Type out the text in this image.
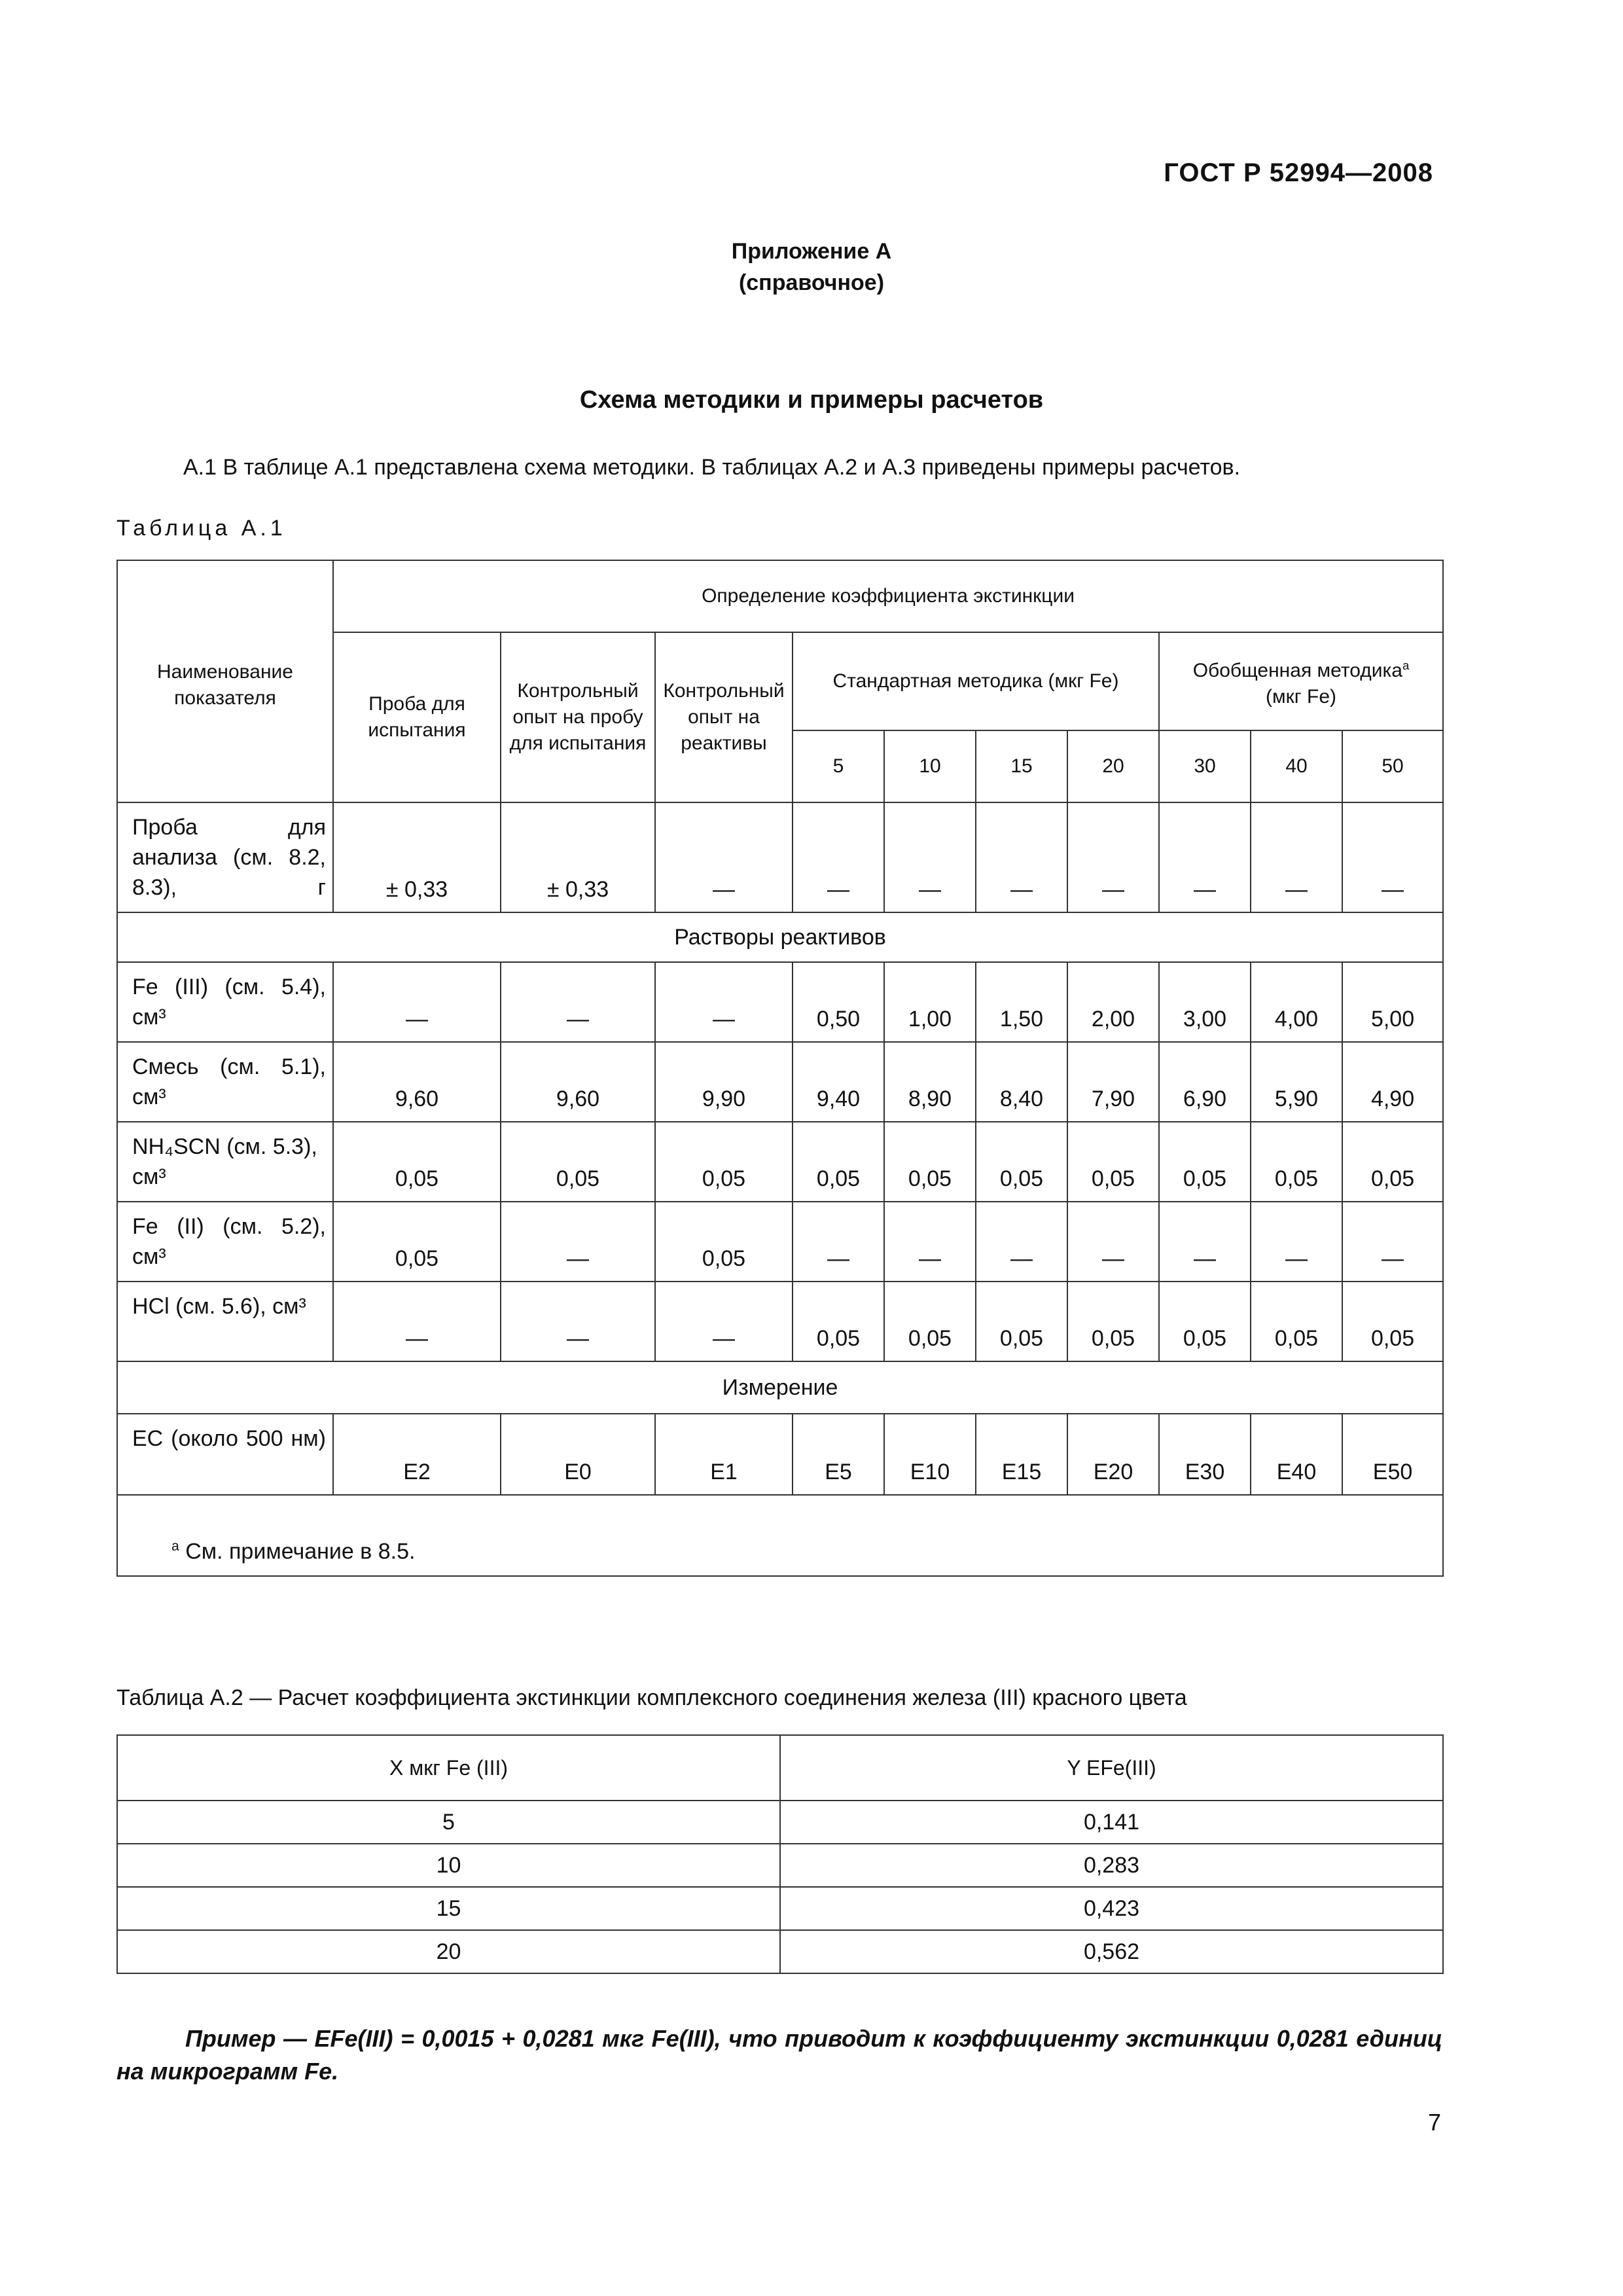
ГОСТ Р 52994—2008
Приложение А
(справочное)
Схема методики и примеры расчетов
А.1 В таблице А.1 представлена схема методики. В таблицах А.2 и А.3 приведены примеры расчетов.
Таблица А.1
Наименование показателя	Определение коэффициента экстинкции									
	Проба для испытания	Контрольный опыт на пробу для испытания	Контрольный опыт на реактивы	Стандартная методика (мкг Fe)				Обобщенная методика$^a$
(мкг Fe)		
				5	10	15	20	30	40	50
Проба для анализа (см. 8.2, 8.3), г	± 0,33	± 0,33	—	—	—	—	—	—	—	—
Растворы реактивов										
Fe (III) (см. 5.4), см³	—	—	—	0,50	1,00	1,50	2,00	3,00	4,00	5,00
Смесь (см. 5.1), см³	9,60	9,60	9,90	9,40	8,90	8,40	7,90	6,90	5,90	4,90
NH₄SCN (см. 5.3), см³	0,05	0,05	0,05	0,05	0,05	0,05	0,05	0,05	0,05	0,05
Fe (II) (см. 5.2), см³	0,05	—	0,05	—	—	—	—	—	—	—
HCl (см. 5.6), см³	—	—	—	0,05	0,05	0,05	0,05	0,05	0,05	0,05
Измерение										
EC (около 500 нм)	E2	E0	E1	E5	E10	E15	E20	E30	E40	E50
$^a$ См. примечание в 8.5.										
Таблица А.2 — Расчет коэффициента экстинкции комплексного соединения железа (III) красного цвета
X мкг Fe (III)	Y EFe(III)
5	0,141
10	0,283
15	0,423
20	0,562
Пример — EFe(III) = 0,0015 + 0,0281 мкг Fe(III), что приводит к коэффициенту экстинкции 0,0281 единиц на микрограмм Fe.
7
